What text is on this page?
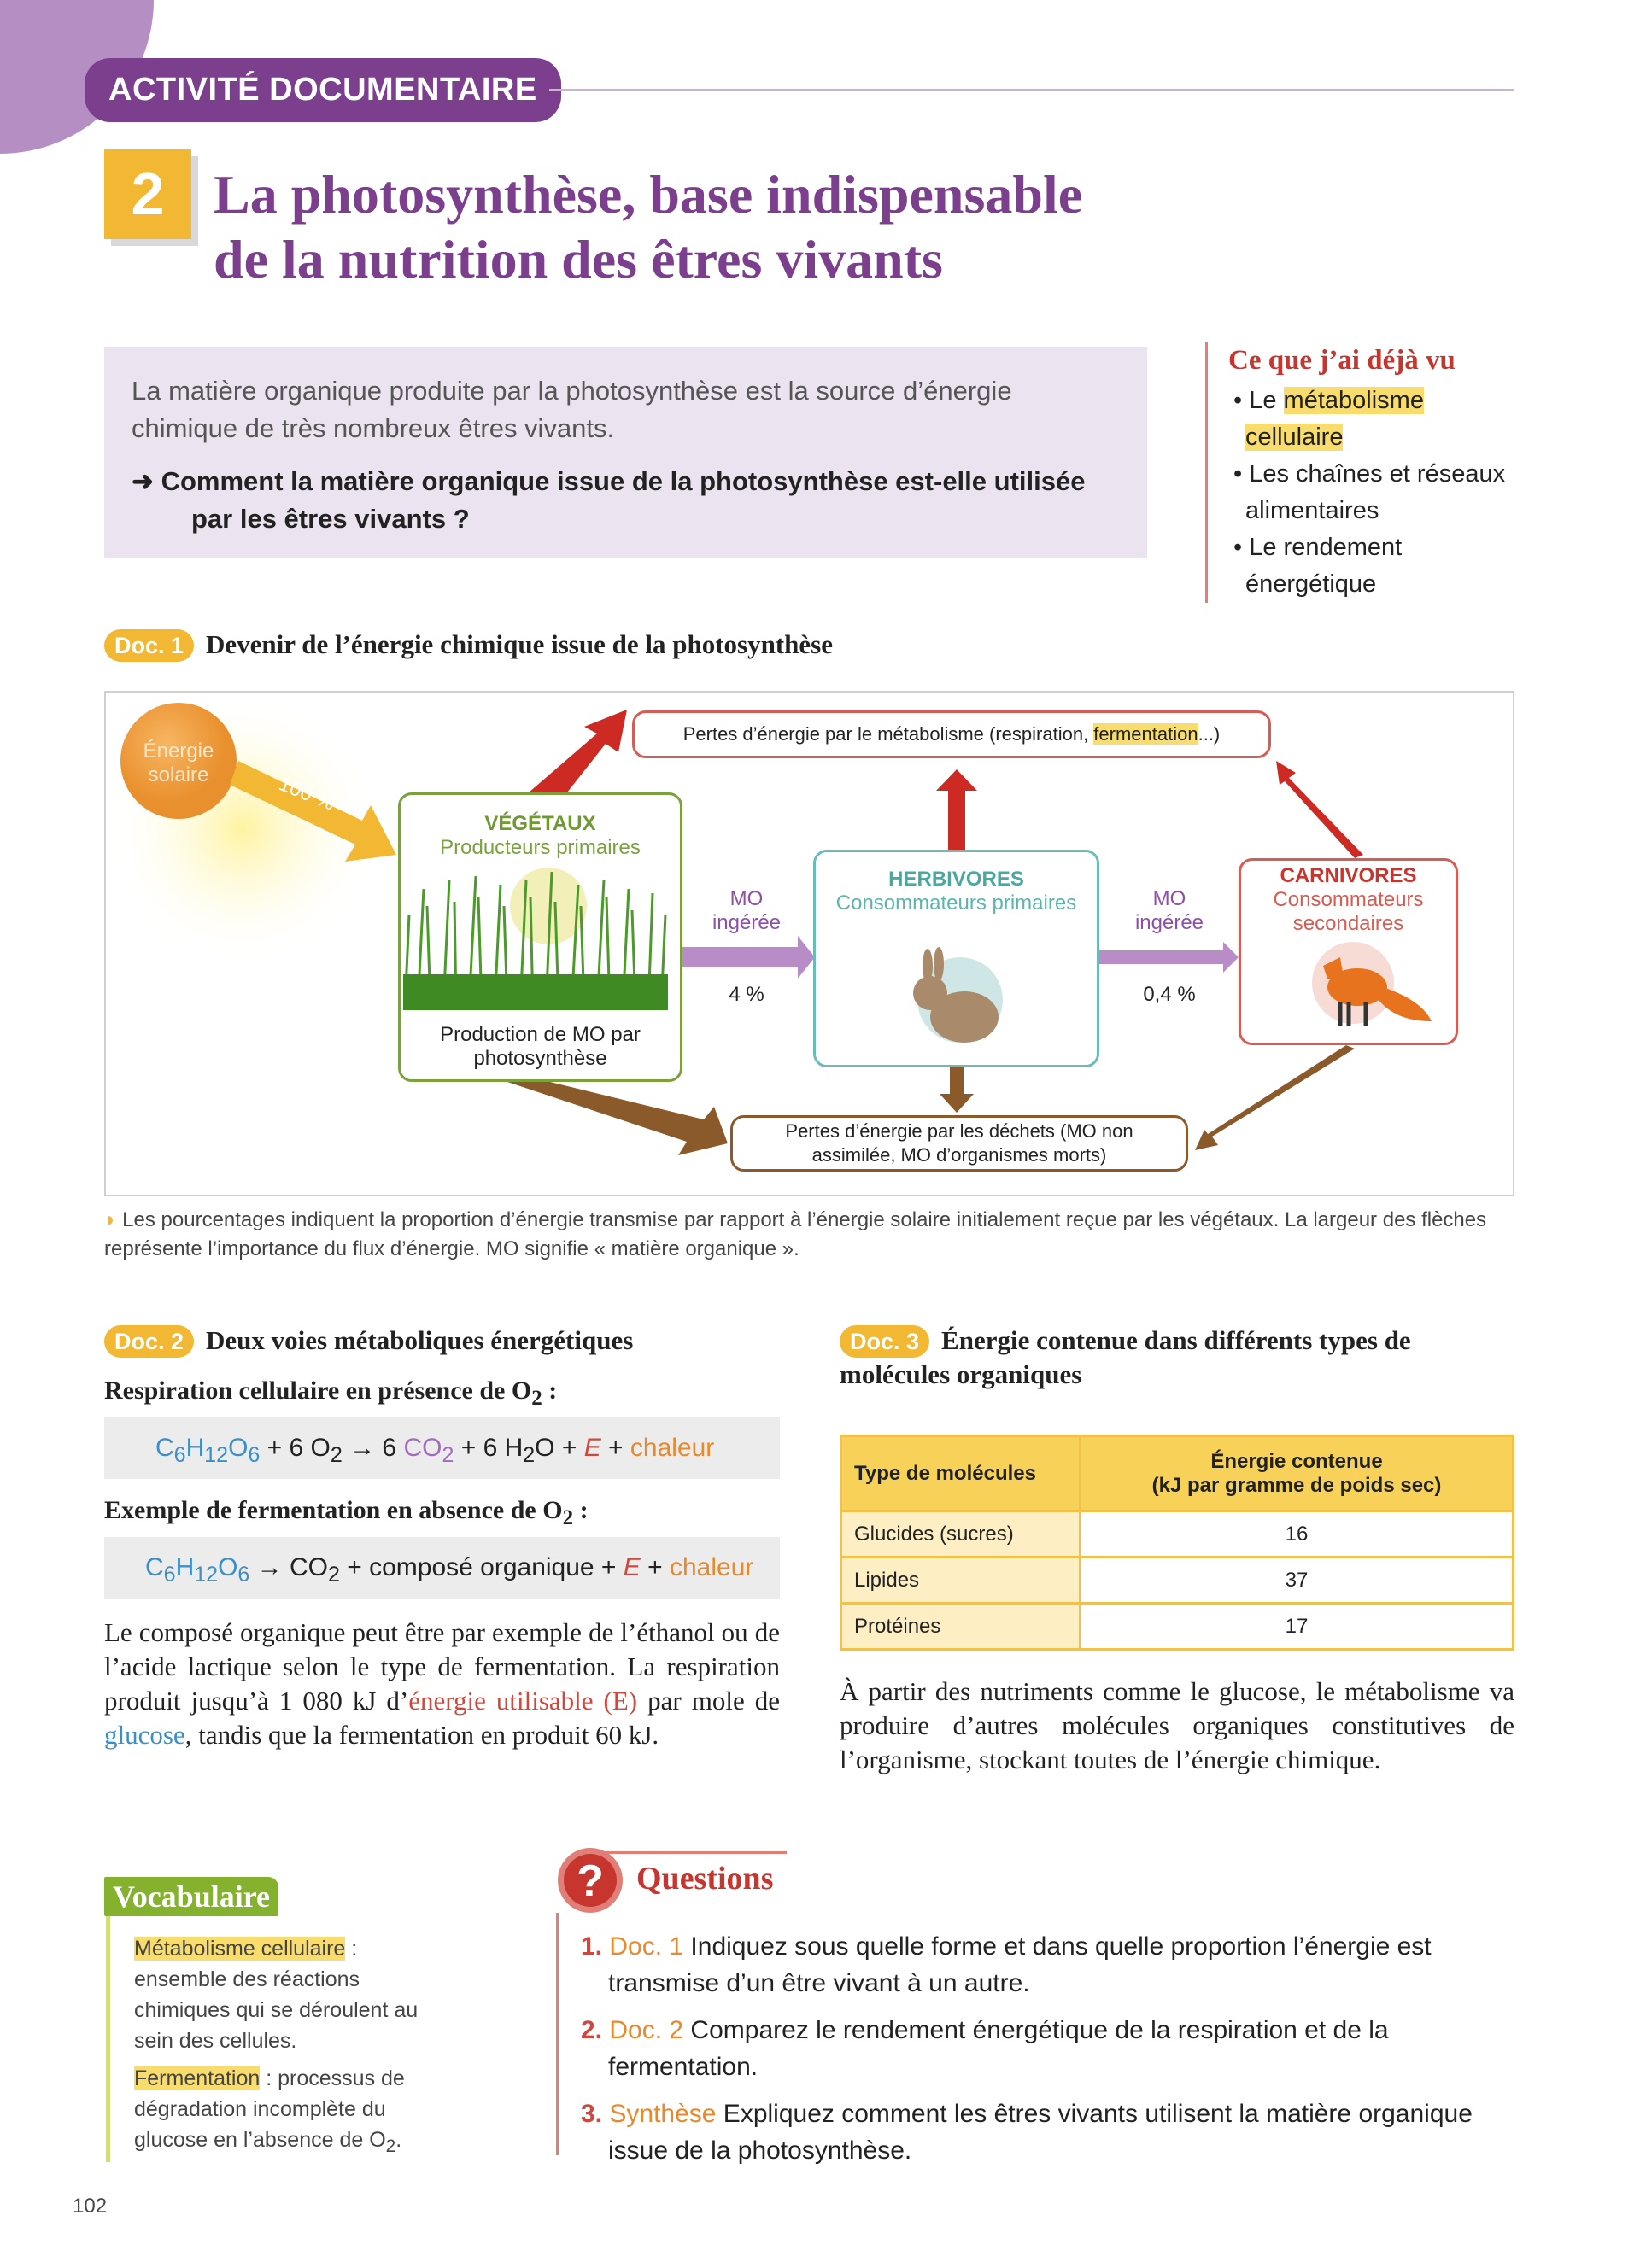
ACTIVITÉ DOCUMENTAIRE
2 La photosynthèse, base indispensable
de la nutrition des êtres vivants
La matière organique produite par la photosynthèse est la source d’énergie chimique de très nombreux êtres vivants.
➜ Comment la matière organique issue de la photosynthèse est-elle utilisée par les êtres vivants ?
Ce que j’ai déjà vu
• Le métabolisme cellulaire
• Les chaînes et réseaux alimentaires
• Le rendement énergétique
Doc. 1 Devenir de l’énergie chimique issue de la photosynthèse
Énergie solaire	100 %
Pertes d’énergie par le métabolisme (respiration, fermentation...)
VÉGÉTAUX
Producteurs primaires
Production de MO par photosynthèse
HERBIVORES
Consommateurs primaires
CARNIVORES
Consommateurs secondaires
MO ingérée
4 %
MO ingérée
0,4 %
Pertes d’énergie par les déchets (MO non assimilée, MO d’organismes morts)
◗ Les pourcentages indiquent la proportion d’énergie transmise par rapport à l’énergie solaire initialement reçue par les végétaux. La largeur des flèches représente l’importance du flux d’énergie. MO signifie « matière organique ».
Doc. 2 Deux voies métaboliques énergétiques
Respiration cellulaire en présence de $O_2$ :
$C_6H_{12}O_6 + 6$ $O_2 \to 6$ $CO_2 + 6$ $H_2O + E$ + chaleur
Exemple de fermentation en absence de $O_2$ :
$C_6H_{12}O_6 \to CO_2$ + composé organique + E + chaleur
Le composé organique peut être par exemple de l’éthanol ou de l’acide lactique selon le type de fermentation. La respiration produit jusqu’à 1 080 kJ d’énergie utilisable (E) par mole de glucose, tandis que la fermentation en produit 60 kJ.
Doc. 3 Énergie contenue dans différents types de molécules organiques
Type de molécules	Énergie contenue
(kJ par gramme de poids sec)

Glucides (sucres)	16
Lipides	37
Protéines	17
À partir des nutriments comme le glucose, le métabolisme va produire d’autres molécules organiques constitutives de l’organisme, stockant toutes de l’énergie chimique.
Vocabulaire
Métabolisme cellulaire : ensemble des réactions chimiques qui se déroulent au sein des cellules.
Fermentation : processus de dégradation incomplète du glucose en l’absence de $O_2$.
? Questions
1. Doc. 1 Indiquez sous quelle forme et dans quelle proportion l’énergie est transmise d’un être vivant à un autre.
2. Doc. 2 Comparez le rendement énergétique de la respiration et de la fermentation.
3. Synthèse Expliquez comment les êtres vivants utilisent la matière organique issue de la photosynthèse.
102
